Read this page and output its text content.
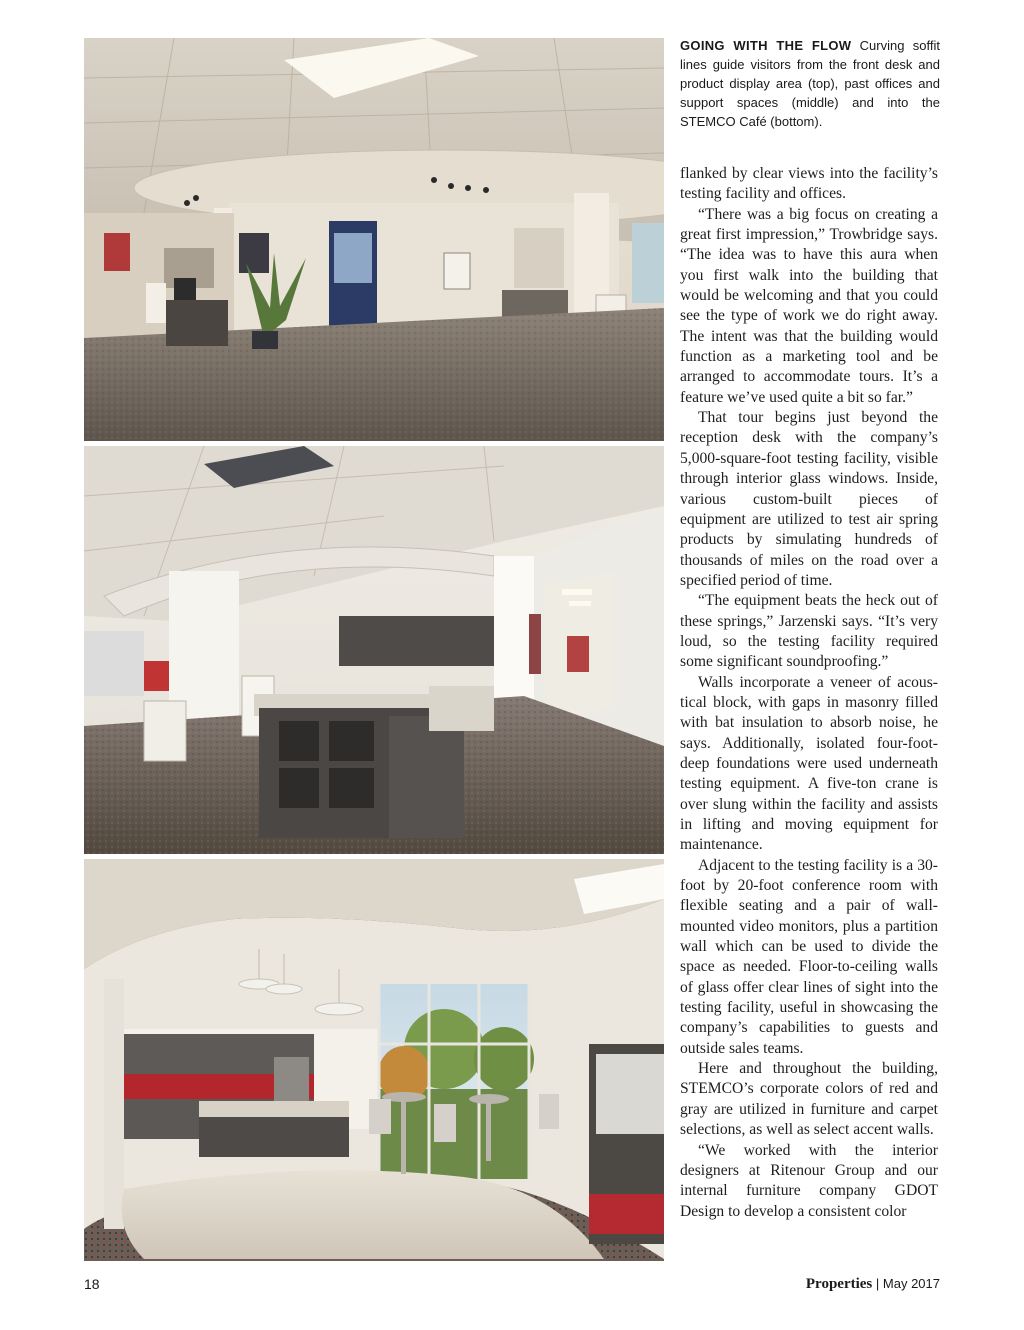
GOING WITH THE FLOW Curving soffit lines guide visitors from the front desk and product display area (top), past offices and support spaces (middle) and into the STEMCO Café (bottom).

flanked by clear views into the facility’s testing facility and offices.

“There was a big focus on creating a great first impression,” Trowbridge says. “The idea was to have this aura when you first walk into the building that would be welcoming and that you could see the type of work we do right away. The intent was that the building would function as a marketing tool and be arranged to accommodate tours. It’s a feature we’ve used quite a bit so far.”

That tour begins just beyond the reception desk with the company’s 5,000-square-foot testing facility, visible through interior glass windows. Inside, various custom-built pieces of equipment are utilized to test air spring products by simulating hundreds of thousands of miles on the road over a specified period of time.

“The equipment beats the heck out of these springs,” Jarzenski says. “It’s very loud, so the testing facility required some significant soundproofing.”

Walls incorporate a veneer of acoustical block, with gaps in masonry filled with bat insulation to absorb noise, he says. Additionally, isolated four-foot-deep foundations were used underneath testing equipment. A five-ton crane is over slung within the facility and assists in lifting and moving equipment for maintenance.

Adjacent to the testing facility is a 30-foot by 20-foot conference room with flexible seating and a pair of wall-mounted video monitors, plus a partition wall which can be used to divide the space as needed. Floor-to-ceiling walls of glass offer clear lines of sight into the testing facility, useful in showcasing the company’s capabilities to guests and outside sales teams.

Here and throughout the building, STEMCO’s corporate colors of red and gray are utilized in furniture and carpet selections, as well as select accent walls.

“We worked with the interior designers at Ritenour Group and our internal furniture company GDOT Design to develop a consistent color

18	Properties | May 2017
